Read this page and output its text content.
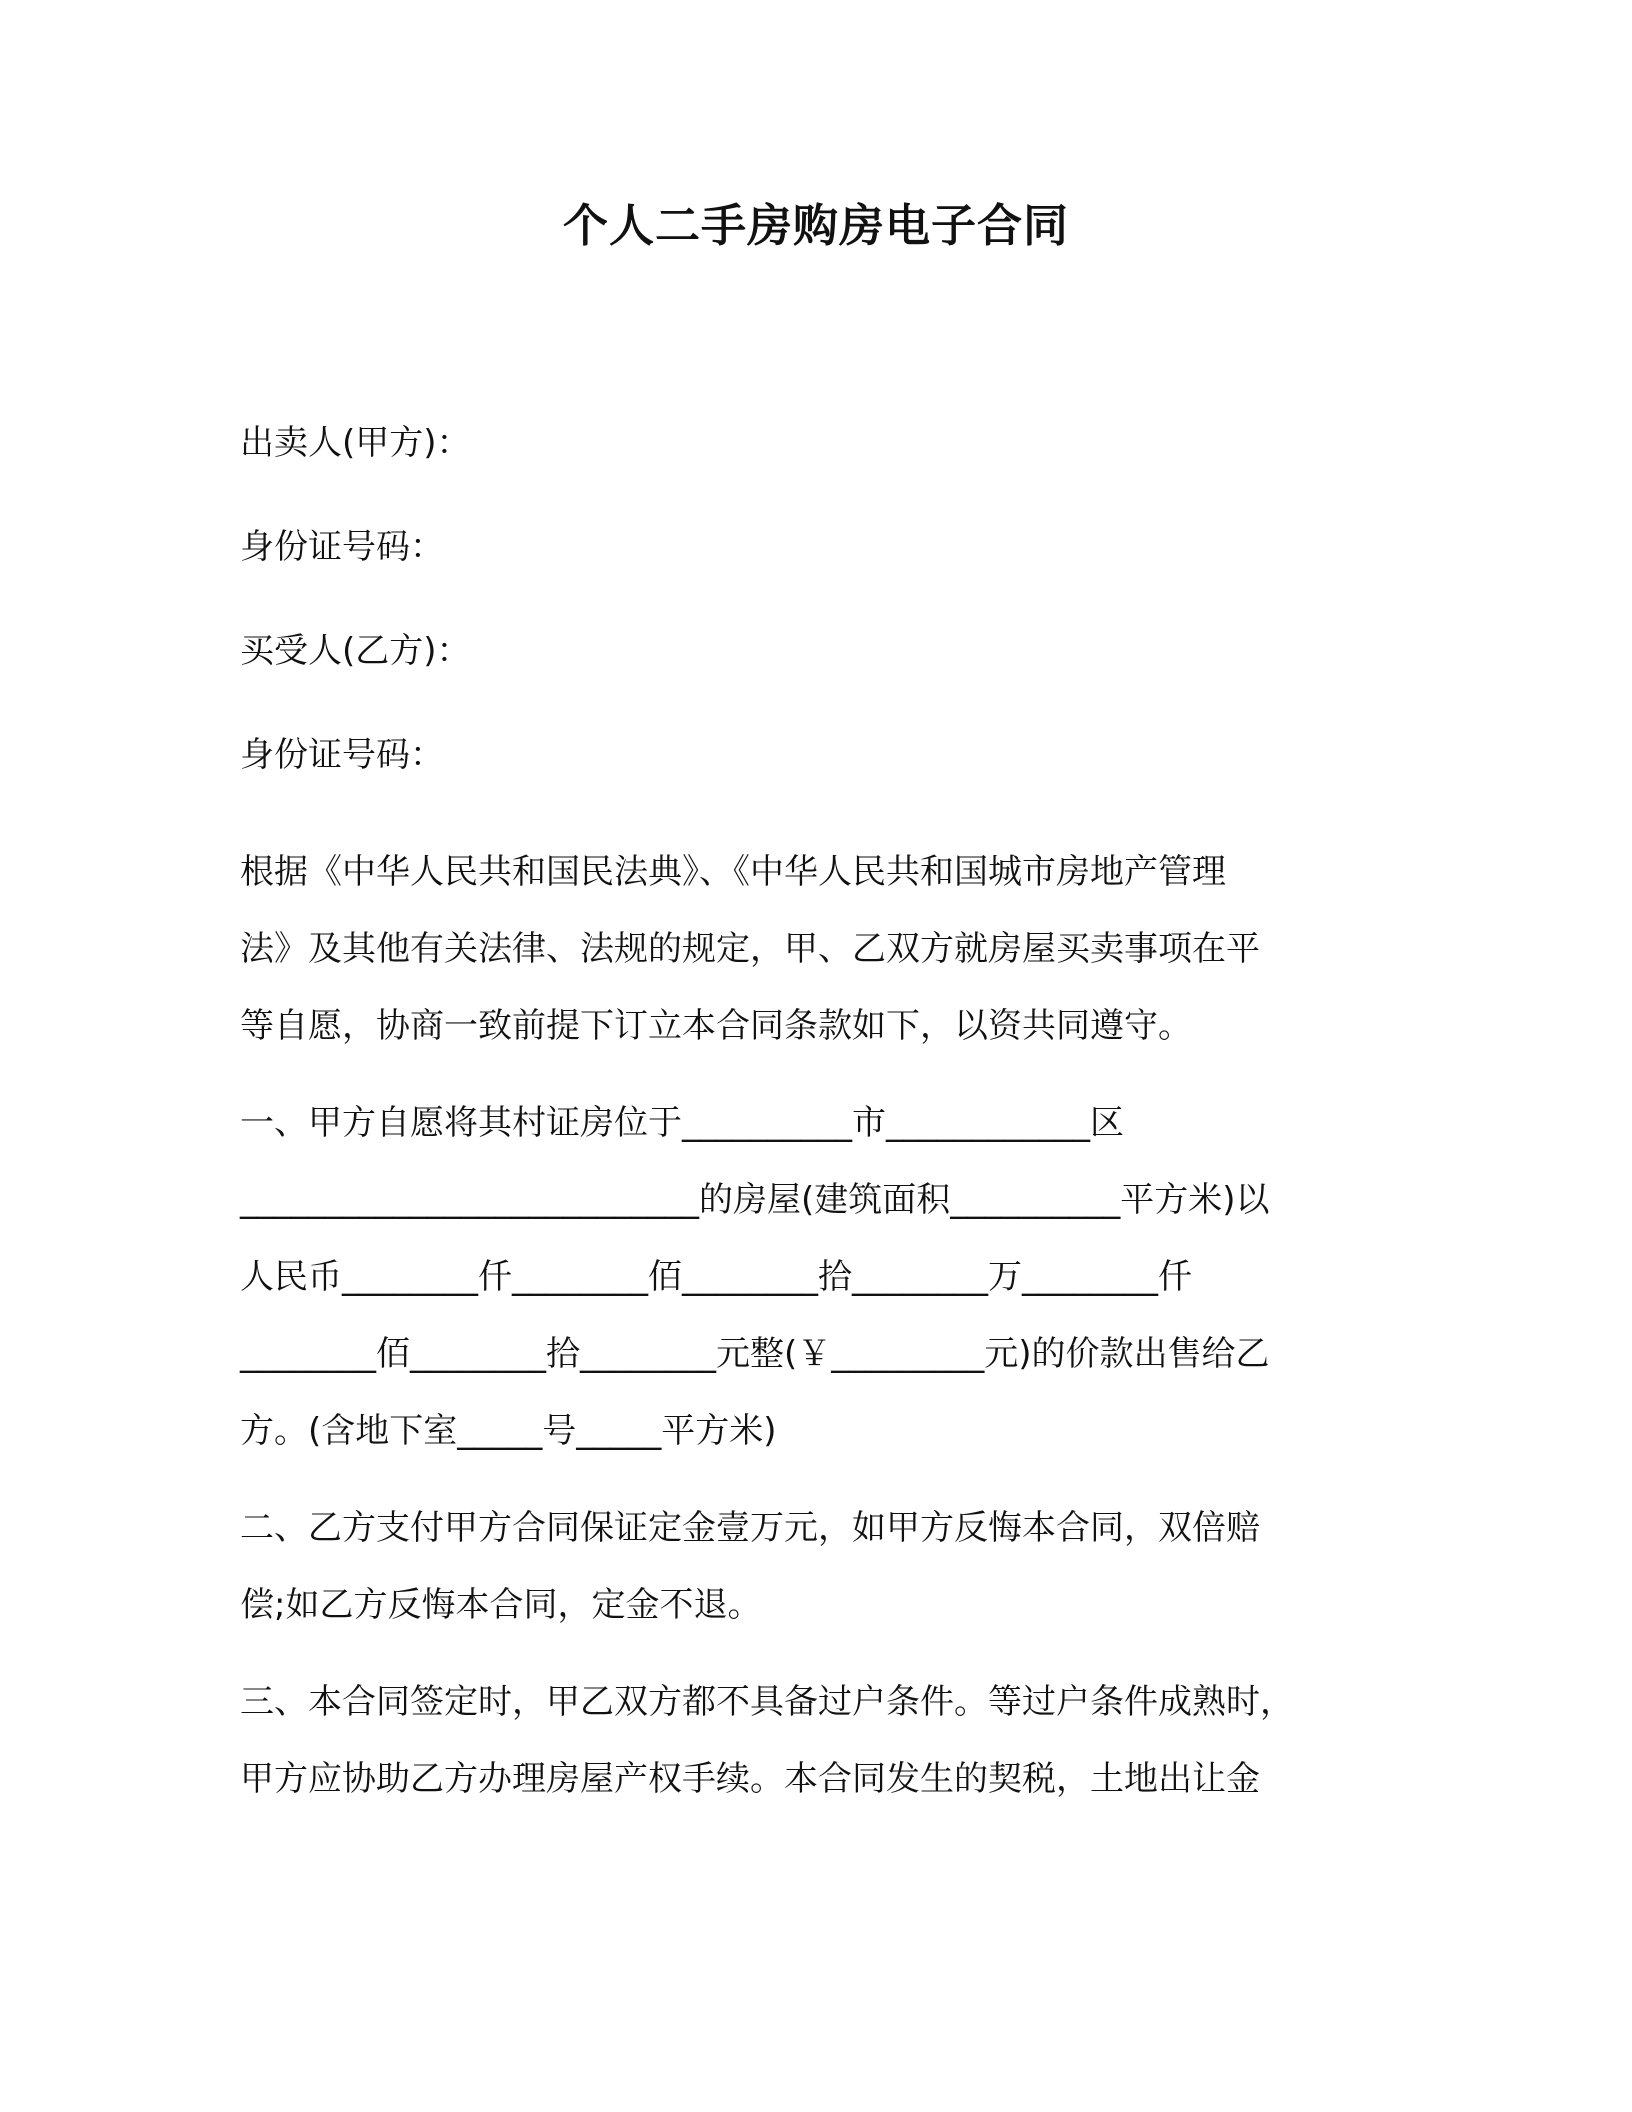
个人二手房购房电子合同
出卖人(甲方)：
身份证号码：
买受人(乙方)：
身份证号码：
根据《中华人民共和国民法典》、《中华人民共和国城市房地产管理
法》及其他有关法律、法规的规定，甲、乙双方就房屋买卖事项在平
等自愿，协商一致前提下订立本合同条款如下，以资共同遵守。
一、甲方自愿将其村证房位于__________市____________区
___________________________的房屋(建筑面积__________平方米)以
人民币________仟________佰________拾________万________仟
________佰________拾________元整(￥_________元)的价款出售给乙
方。(含地下室_____号_____平方米)
二、乙方支付甲方合同保证定金壹万元，如甲方反悔本合同，双倍赔
偿;如乙方反悔本合同，定金不退。
三、本合同签定时，甲乙双方都不具备过户条件。等过户条件成熟时，
甲方应协助乙方办理房屋产权手续。本合同发生的契税，土地出让金
